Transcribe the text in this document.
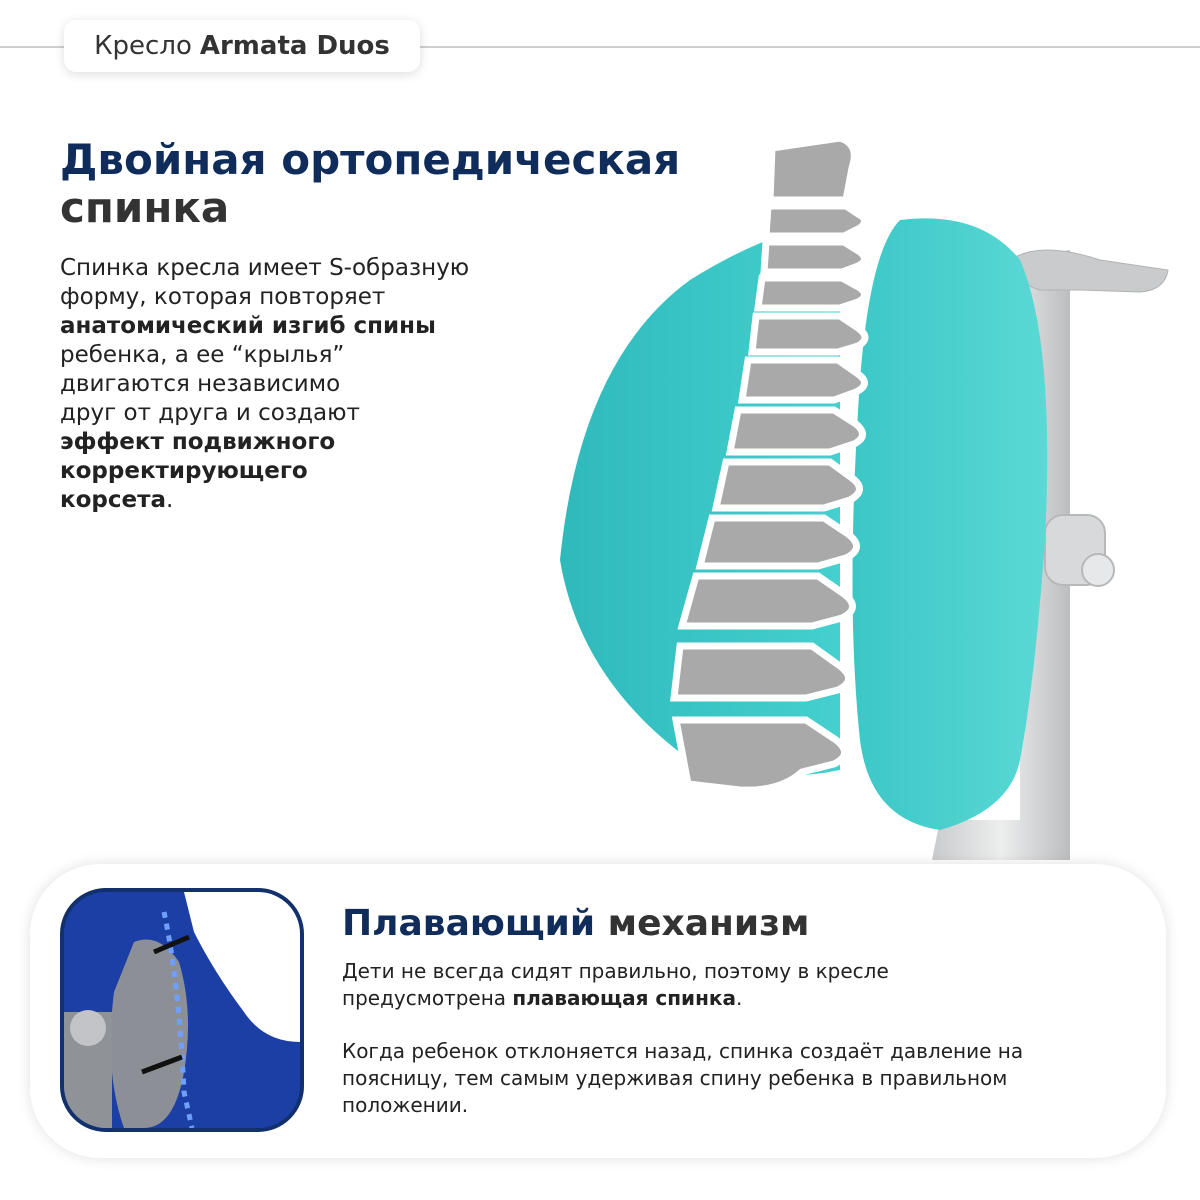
Кресло Armata Duos
Двойная ортопедическая
спинка
Спинка кресла имеет S-образную
форму, которая повторяет
анатомический изгиб спины
ребенка, а ее “крылья”
двигаются независимо
друг от друга и создают
эффект подвижного
корректирующего
корсета.
Плавающий механизм
Дети не всегда сидят правильно, поэтому в кресле
предусмотрена плавающая спинка.
Когда ребенок отклоняется назад, спинка создаёт давление на
поясницу, тем самым удерживая спину ребенка в правильном
положении.
